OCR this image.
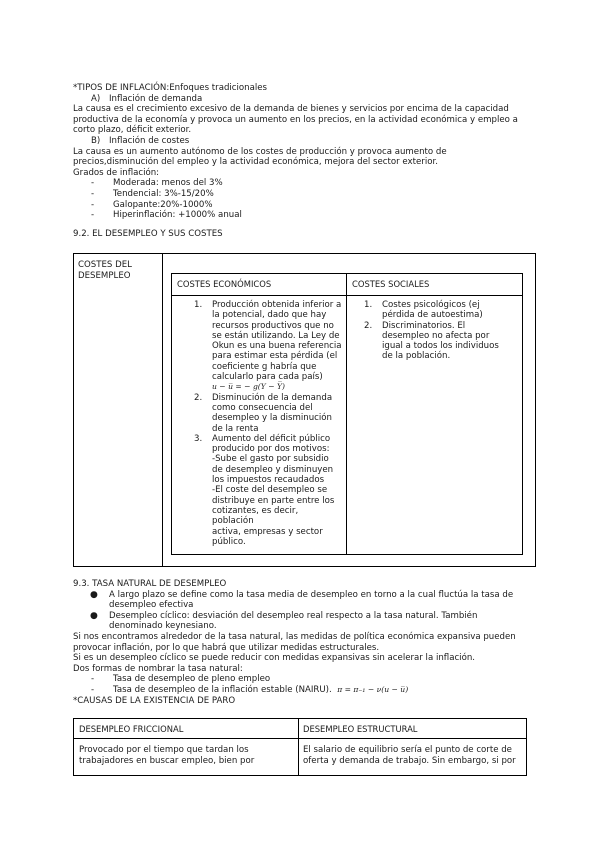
*TIPOS DE INFLACIÓN:Enfoques tradicionales
A) Inflación de demanda
La causa es el crecimiento excesivo de la demanda de bienes y servicios por encima de la capacidad
productiva de la economía y provoca un aumento en los precios, en la actividad económica y empleo a
corto plazo, déficit exterior.
B) Inflación de costes
La causa es un aumento autónomo de los costes de producción y provoca aumento de
precios,disminución del empleo y la actividad económica, mejora del sector exterior.
Grados de inflación:
- Moderada: menos del 3%
- Tendencial: 3%-15/20%
- Galopante:20%-1000%
- Hiperinflación: +1000% anual
9.2. EL DESEMPLEO Y SUS COSTES
COSTES DEL
DESEMPLEO
COSTES ECONÓMICOS	COSTES SOCIALES
1. Producción obtenida inferior a
la potencial, dado que hay
recursos productivos que no
se están utilizando. La Ley de
Okun es una buena referencia
para estimar esta pérdida (el
coeficiente g habría que
calcularlo para cada país)
u − u̅ = − g(Y − Y̅)
2. Disminución de la demanda
como consecuencia del
desempleo y la disminución
de la renta
3. Aumento del déficit público
producido por dos motivos:
-Sube el gasto por subsidio
de desempleo y disminuyen
los impuestos recaudados
-El coste del desempleo se
distribuye en parte entre los
cotizantes, es decir, población
activa, empresas y sector
público.
1. Costes psicológicos (ej
pérdida de autoestima)
2. Discriminatorios. El
desempleo no afecta por
igual a todos los individuos
de la población.
9.3. TASA NATURAL DE DESEMPLEO
● A largo plazo se define como la tasa media de desempleo en torno a la cual fluctúa la tasa de
desempleo efectiva
● Desempleo cíclico: desviación del desempleo real respecto a la tasa natural. También
denominado keynesiano.
Si nos encontramos alrededor de la tasa natural, las medidas de política económica expansiva pueden
provocar inflación, por lo que habrá que utilizar medidas estructurales.
Si es un desempleo cíclico se puede reducir con medidas expansivas sin acelerar la inflación.
Dos formas de nombrar la tasa natural:
- Tasa de desempleo de pleno empleo
- Tasa de desempleo de la inflación estable (NAIRU). π = π₋₁ − ν(u − u̅)
*CAUSAS DE LA EXISTENCIA DE PARO
DESEMPLEO FRICCIONAL	DESEMPLEO ESTRUCTURAL
Provocado por el tiempo que tardan los
trabajadores en buscar empleo, bien por
El salario de equilibrio sería el punto de corte de
oferta y demanda de trabajo. Sin embargo, si por
